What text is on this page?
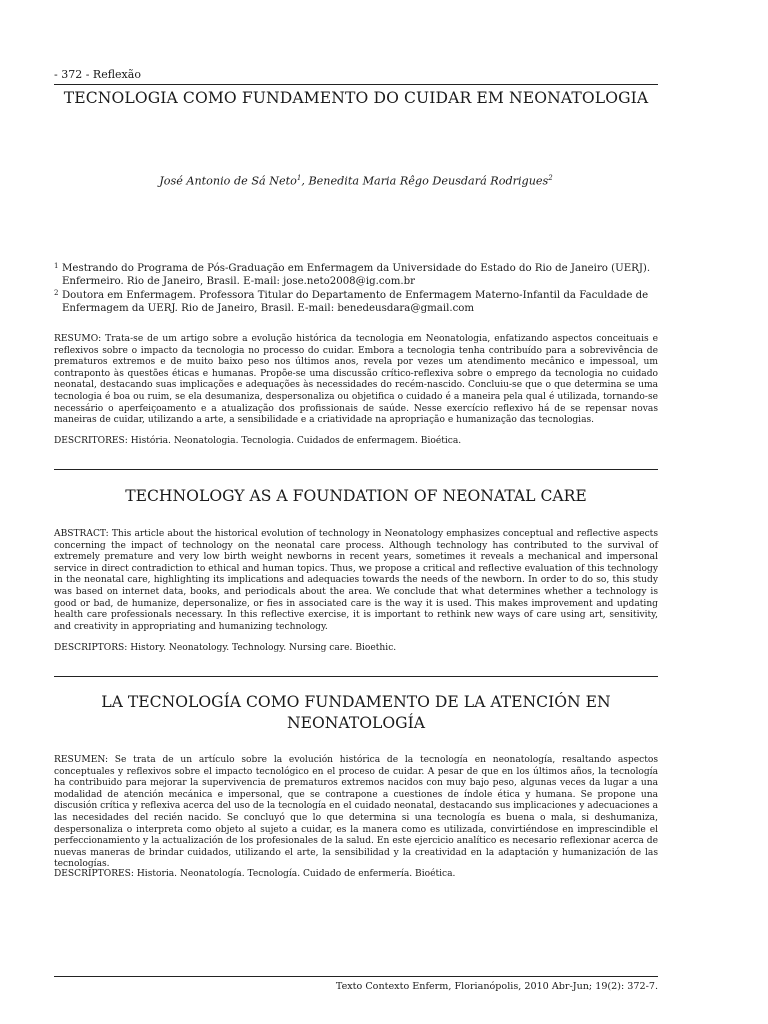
- 372 - Reflexão
TECNOLOGIA COMO FUNDAMENTO DO CUIDAR EM NEONATOLOGIA
José Antonio de Sá Neto$^1$, Benedita Maria Rêgo Deusdará Rodrigues$^2$
1 Mestrando do Programa de Pós-Graduação em Enfermagem da Universidade do Estado do Rio de Janeiro (UERJ). Enfermeiro. Rio de Janeiro, Brasil. E-mail: jose.neto2008@ig.com.br
2 Doutora em Enfermagem. Professora Titular do Departamento de Enfermagem Materno-Infantil da Faculdade de Enfermagem da UERJ. Rio de Janeiro, Brasil. E-mail: benedeusdara@gmail.com
RESUMO: Trata-se de um artigo sobre a evolução histórica da tecnologia em Neonatologia, enfatizando aspectos conceituais e reflexivos sobre o impacto da tecnologia no processo do cuidar. Embora a tecnologia tenha contribuído para a sobrevivência de prematuros extremos e de muito baixo peso nos últimos anos, revela por vezes um atendimento mecânico e impessoal, um contraponto às questões éticas e humanas. Propõe-se uma discussão crítico-reflexiva sobre o emprego da tecnologia no cuidado neonatal, destacando suas implicações e adequações às necessidades do recém-nascido. Concluiu-se que o que determina se uma tecnologia é boa ou ruim, se ela desumaniza, despersonaliza ou objetifica o cuidado é a maneira pela qual é utilizada, tornando-se necessário o aperfeiçoamento e a atualização dos profissionais de saúde. Nesse exercício reflexivo há de se repensar novas maneiras de cuidar, utilizando a arte, a sensibilidade e a criatividade na apropriação e humanização das tecnologias.
DESCRITORES: História. Neonatologia. Tecnologia. Cuidados de enfermagem. Bioética.
TECHNOLOGY AS A FOUNDATION OF NEONATAL CARE
ABSTRACT: This article about the historical evolution of technology in Neonatology emphasizes conceptual and reflective aspects concerning the impact of technology on the neonatal care process. Although technology has contributed to the survival of extremely premature and very low birth weight newborns in recent years, sometimes it reveals a mechanical and impersonal service in direct contradiction to ethical and human topics. Thus, we propose a critical and reflective evaluation of this technology in the neonatal care, highlighting its implications and adequacies towards the needs of the newborn. In order to do so, this study was based on internet data, books, and periodicals about the area. We conclude that what determines whether a technology is good or bad, de humanize, depersonalize, or fies in associated care is the way it is used. This makes improvement and updating health care professionals necessary. In this reflective exercise, it is important to rethink new ways of care using art, sensitivity, and creativity in appropriating and humanizing technology.
DESCRIPTORS: History. Neonatology. Technology. Nursing care. Bioethic.
LA TECNOLOGÍA COMO FUNDAMENTO DE LA ATENCIÓN EN NEONATOLOGÍA
RESUMEN: Se trata de un artículo sobre la evolución histórica de la tecnología en neonatología, resaltando aspectos conceptuales y reflexivos sobre el impacto tecnológico en el proceso de cuidar. A pesar de que en los últimos años, la tecnología ha contribuido para mejorar la supervivencia de prematuros extremos nacidos con muy bajo peso, algunas veces da lugar a una modalidad de atención mecánica e impersonal, que se contrapone a cuestiones de índole ética y humana. Se propone una discusión crítica y reflexiva acerca del uso de la tecnología en el cuidado neonatal, destacando sus implicaciones y adecuaciones a las necesidades del recién nacido. Se concluyó que lo que determina si una tecnología es buena o mala, si deshumaniza, despersonaliza o interpreta como objeto al sujeto a cuidar, es la manera como es utilizada, convirtiéndose en imprescindible el perfeccionamiento y la actualización de los profesionales de la salud. En este ejercicio analítico es necesario reflexionar acerca de nuevas maneras de brindar cuidados, utilizando el arte, la sensibilidad y la creatividad en la adaptación y humanización de las tecnologías.
DESCRIPTORES: Historia. Neonatología. Tecnología. Cuidado de enfermería. Bioética.
Texto Contexto Enferm, Florianópolis, 2010 Abr-Jun; 19(2): 372-7.
